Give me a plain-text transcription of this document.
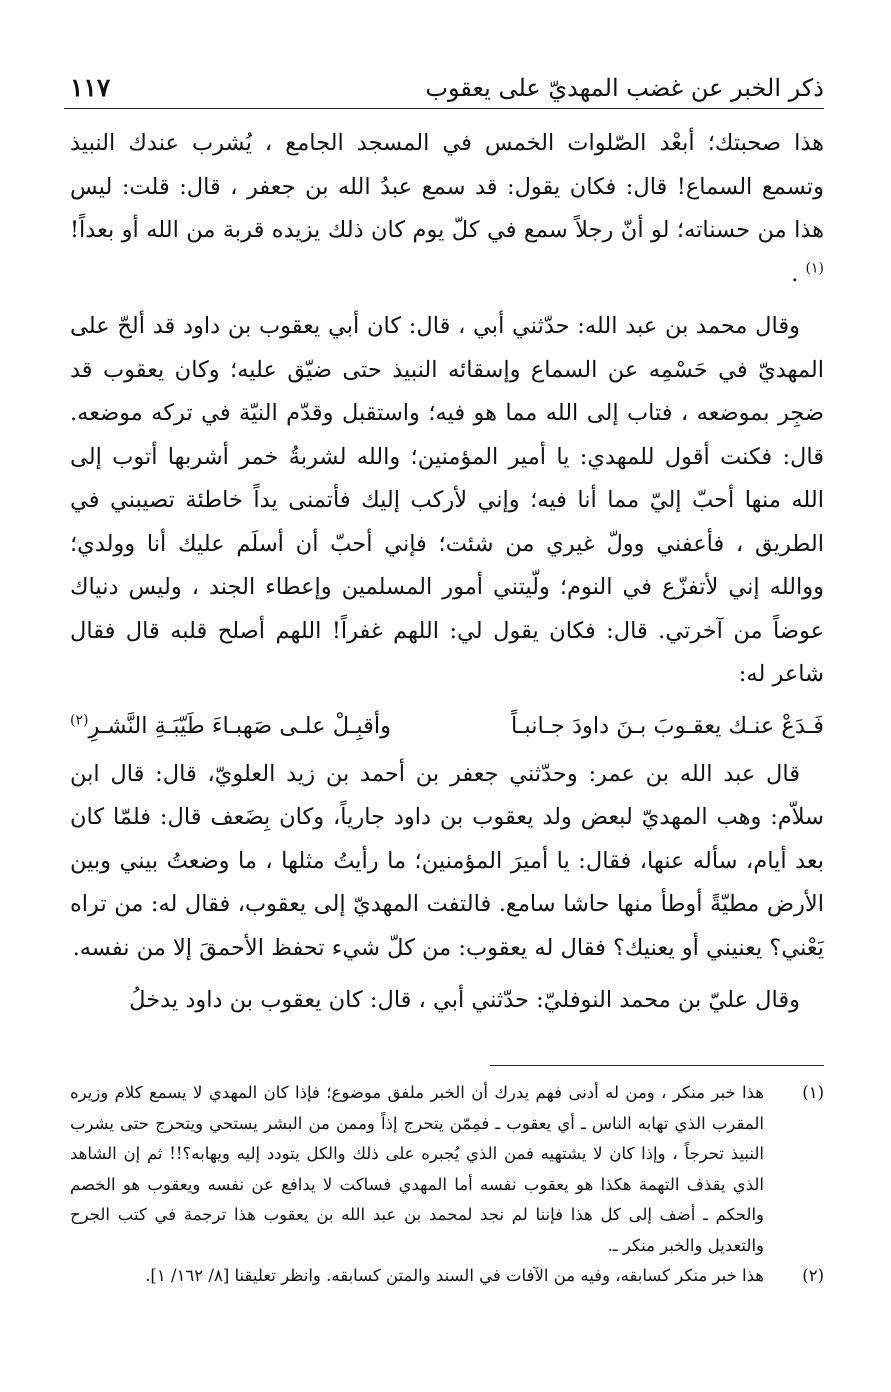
ذكر الخبر عن غضب المهديّ على يعقوب
١١٧

هذا صحبتك؛ أبعْد الصّلوات الخمس في المسجد الجامع ، يُشرب عندك النبيذ وتسمع السماع! قال: فكان يقول: قد سمع عبدُ الله بن جعفر ، قال: قلت: ليس هذا من حسناته؛ لو أنّ رجلاً سمع في كلّ يوم كان ذلك يزيده قربة من الله أو بعداً!$^{(١)}$ .

وقال محمد بن عبد الله: حدّثني أبي ، قال: كان أبي يعقوب بن داود قد ألحّ على المهديّ في حَسْمِه عن السماع وإسقائه النبيذ حتى ضيّق عليه؛ وكان يعقوب قد ضجِر بموضعه ، فتاب إلى الله مما هو فيه؛ واستقبل وقدّم النيّة في تركه موضعه. قال: فكنت أقول للمهدي: يا أمير المؤمنين؛ والله لشربةُ خمر أشربها أتوب إلى الله منها أحبّ إليّ مما أنا فيه؛ وإني لأركب إليك فأتمنى يداً خاطئة تصيبني في الطريق ، فأعفني وولّ غيري من شئت؛ فإني أحبّ أن أسلَم عليك أنا وولدي؛ ووالله إني لأتفزّع في النوم؛ ولّيتني أمور المسلمين وإعطاء الجند ، وليس دنياك عوضاً من آخرتي. قال: فكان يقول لي: اللهم غفراً! اللهم أصلح قلبه قال فقال شاعر له:

فَـدَعْ عنـك يعقـوبَ بـنَ داودَ جـانبـاً
وأقبِـلْ علـى صَهبـاءَ طَيّبَـةِ النَّشـرِ$^{(٢)}$

قال عبد الله بن عمر: وحدّثني جعفر بن أحمد بن زيد العلويّ، قال: قال ابن سلاّم: وهب المهديّ لبعض ولد يعقوب بن داود جارياً، وكان بِضَعف قال: فلمّا كان بعد أيام، سأله عنها، فقال: يا أميرَ المؤمنين؛ ما رأيتُ مثلها ، ما وضعتُ بيني وبين الأرض مطيّةً أوطأ منها حاشا سامع. فالتفت المهديّ إلى يعقوب، فقال له: من تراه يَعْني؟ يعنيني أو يعنيك؟ فقال له يعقوب: من كلّ شيء تحفظ الأحمقَ إلا من نفسه.

وقال عليّ بن محمد النوفليّ: حدّثني أبي ، قال: كان يعقوب بن داود يدخلُ

(١)
هذا خبر منكر ، ومن له أدنى فهم يدرك أن الخبر ملفق موضوع؛ فإذا كان المهدي لا يسمع كلام وزيره المقرب الذي تهابه الناس ـ أي يعقوب ـ فمِمّن يتحرج إذاً وممن من البشر يستحي ويتحرج حتى يشرب النبيذ تحرجاً ، وإذا كان لا يشتهيه فمن الذي يُجبره على ذلك والكل يتودد إليه ويهابه؟!! ثم إن الشاهد الذي يقذف التهمة هكذا هو يعقوب نفسه أما المهدي فساكت لا يدافع عن نفسه ويعقوب هو الخصم والحكم ـ أضف إلى كل هذا فإننا لم نجد لمحمد بن عبد الله بن يعقوب هذا ترجمة في كتب الجرح والتعديل والخبر منكر ـ.
(٢)
هذا خبر منكر كسابقه، وفيه من الآفات في السند والمتن كسابقه. وانظر تعليقنا [٨/ ١٦٢/ ١].
